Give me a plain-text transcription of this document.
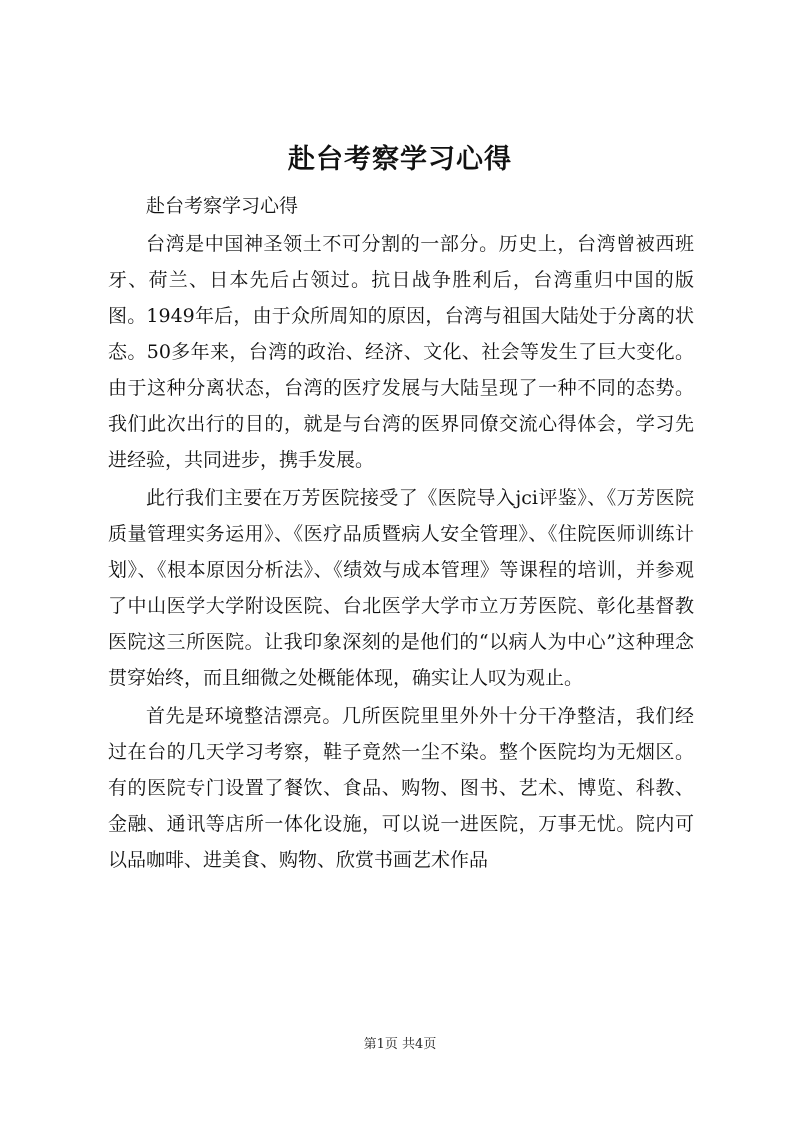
赴台考察学习心得

赴台考察学习心得

台湾是中国神圣领土不可分割的一部分。历史上，台湾曾被西班牙、荷兰、日本先后占领过。抗日战争胜利后，台湾重归中国的版图。1949年后，由于众所周知的原因，台湾与祖国大陆处于分离的状态。50多年来，台湾的政治、经济、文化、社会等发生了巨大变化。由于这种分离状态，台湾的医疗发展与大陆呈现了一种不同的态势。我们此次出行的目的，就是与台湾的医界同僚交流心得体会，学习先进经验，共同进步，携手发展。

此行我们主要在万芳医院接受了《医院导入jci评鉴》、《万芳医院质量管理实务运用》、《医疗品质暨病人安全管理》、《住院医师训练计划》、《根本原因分析法》、《绩效与成本管理》等课程的培训，并参观了中山医学大学附设医院、台北医学大学市立万芳医院、彰化基督教医院这三所医院。让我印象深刻的是他们的“以病人为中心”这种理念贯穿始终，而且细微之处概能体现，确实让人叹为观止。

首先是环境整洁漂亮。几所医院里里外外十分干净整洁，我们经过在台的几天学习考察，鞋子竟然一尘不染。整个医院均为无烟区。有的医院专门设置了餐饮、食品、购物、图书、艺术、博览、科教、金融、通讯等店所一体化设施，可以说一进医院，万事无忧。院内可以品咖啡、进美食、购物、欣赏书画艺术作品

第1页 共4页
